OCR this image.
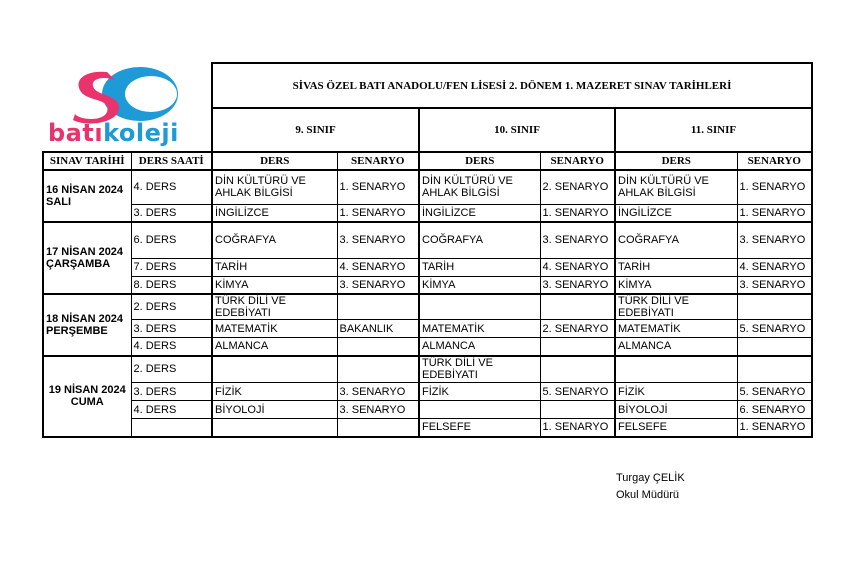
batıkoleji
		SİVAS ÖZEL BATI ANADOLU/FEN LİSESİ 2. DÖNEM 1. MAZERET SINAV TARİHLERİ					
		9. SINIF		10. SINIF		11. SINIF	
SINAV TARİHİ	DERS SAATİ	DERS	SENARYO	DERS	SENARYO	DERS	SENARYO
16 NİSAN 2024
SALI	4. DERS	DİN KÜLTÜRÜ VE AHLAK BİLGİSİ	1. SENARYO	DİN KÜLTÜRÜ VE AHLAK BİLGİSİ	2. SENARYO	DİN KÜLTÜRÜ VE AHLAK BİLGİSİ	1. SENARYO
	3. DERS	İNGİLİZCE	1. SENARYO	İNGİLİZCE	1. SENARYO	İNGİLİZCE	1. SENARYO
17 NİSAN 2024
ÇARŞAMBA	6. DERS	COĞRAFYA	3. SENARYO	COĞRAFYA	3. SENARYO	COĞRAFYA	3. SENARYO
	7. DERS	TARİH	4. SENARYO	TARİH	4. SENARYO	TARİH	4. SENARYO
	8. DERS	KİMYA	3. SENARYO	KİMYA	3. SENARYO	KİMYA	3. SENARYO
18 NİSAN 2024
PERŞEMBE	2. DERS	TÜRK DİLİ VE EDEBİYATI				TÜRK DİLİ VE EDEBİYATI	
	3. DERS	MATEMATİK	BAKANLIK	MATEMATİK	2. SENARYO	MATEMATİK	5. SENARYO
	4. DERS	ALMANCA		ALMANCA		ALMANCA	
19 NİSAN 2024
CUMA	2. DERS			TÜRK DİLİ VE EDEBİYATI			
	3. DERS	FİZİK	3. SENARYO	FİZİK	5. SENARYO	FİZİK	5. SENARYO
	4. DERS	BİYOLOJİ	3. SENARYO			BİYOLOJİ	6. SENARYO
				FELSEFE	1. SENARYO	FELSEFE	1. SENARYO
Turgay ÇELİK
Okul Müdürü
